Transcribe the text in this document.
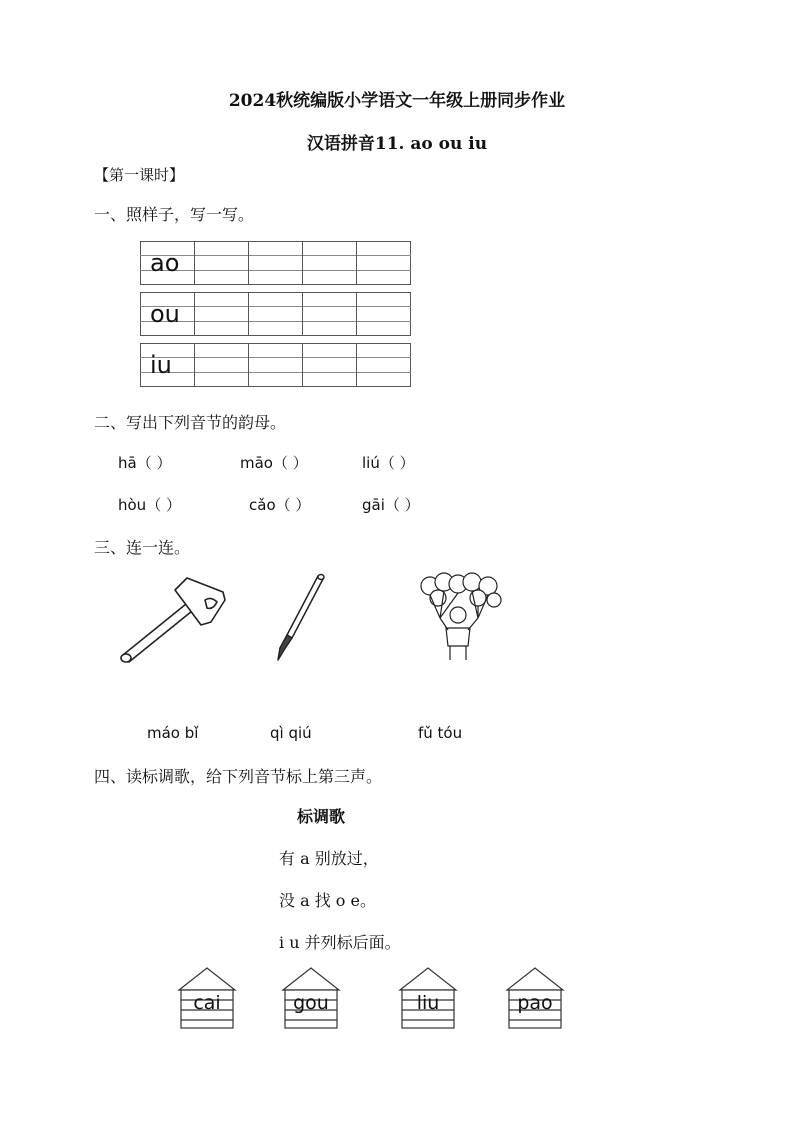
2024秋统编版小学语文一年级上册同步作业
汉语拼音11. ao ou iu
【第一课时】
一、照样子，写一写。
ao
ou
iu
二、写出下列音节的韵母。
hā（ ）	māo（ ）	liú（ ）
hòu（ ）	cǎo（ ）	gāi（ ）
三、连一连。
máo bǐ	qì qiú	fǔ tóu
四、读标调歌，给下列音节标上第三声。
标调歌
有 a 别放过，
没 a 找 o e。
i u 并列标后面。
cai	gou	liu	pao
